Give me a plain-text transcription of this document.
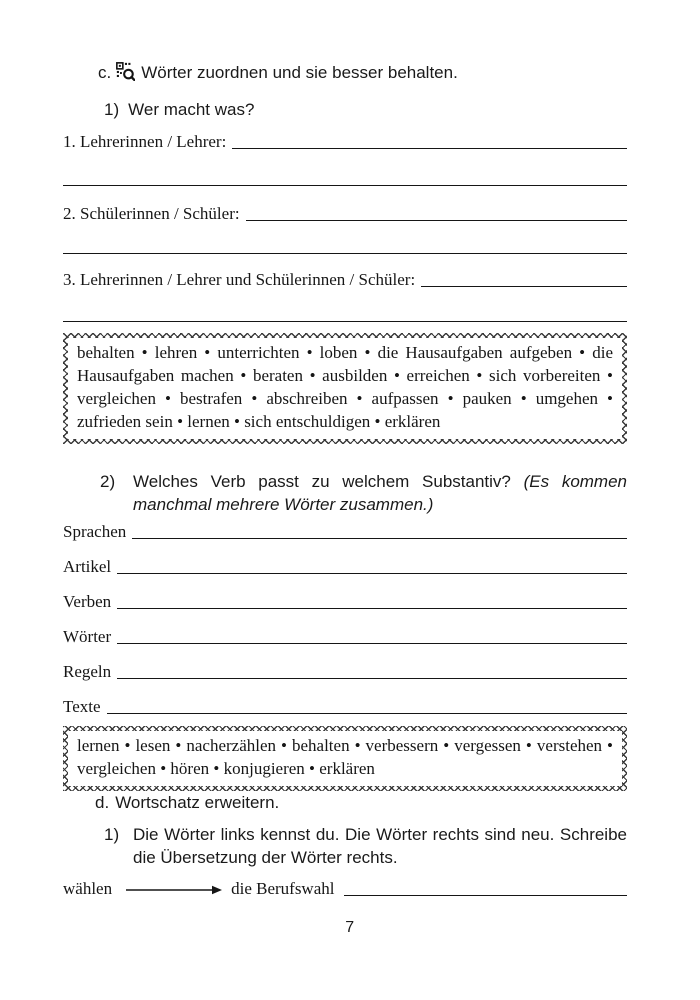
c. Wörter zuordnen und sie besser behalten.
1) Wer macht was?
1.
Lehrerinnen / Lehrer:
2.
Schülerinnen / Schüler:
3.
Lehrerinnen / Lehrer und Schülerinnen / Schüler:
behalten • lehren • unterrichten • loben • die Hausaufgaben aufgeben • die Hausaufgaben machen • beraten • ausbilden • erreichen • sich vorbereiten • vergleichen • bestrafen • abschreiben • aufpassen • pauken • umgehen • zufrieden sein • lernen • sich entschuldigen • erklären
2)	Welches Verb passt zu welchem Substantiv? (Es kommen manchmal mehrere Wörter zusammen.)

Sprachen
Artikel
Verben
Wörter
Regeln
Texte
lernen • lesen • nacherzählen • behalten • verbessern • vergessen • verstehen • vergleichen • hören • konjugieren • erklären
d. Wortschatz erweitern.
1) Die Wörter links kennst du. Die Wörter rechts sind neu. Schreibe die Übersetzung der Wörter rechts.

wählen	die Berufswahl
7
